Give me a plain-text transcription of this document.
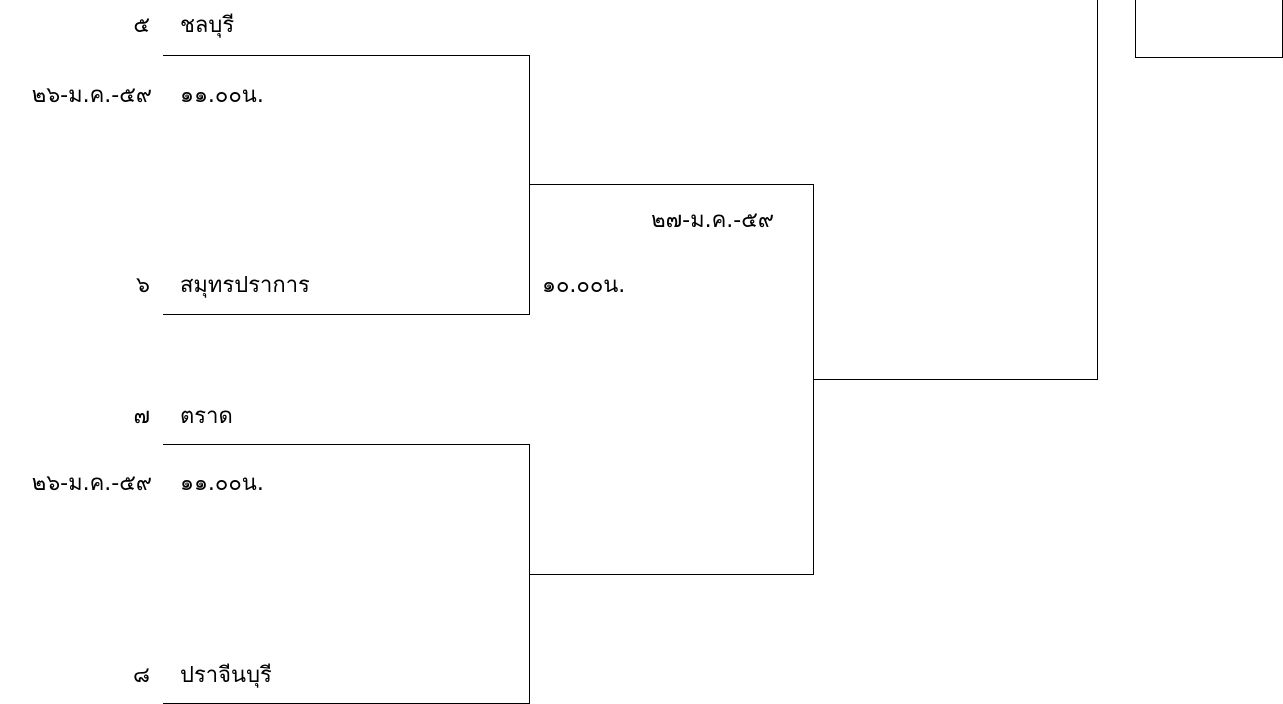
๕ ชลบุรี
๒๖-ม.ค.-๕๙ ๑๑.๐๐น.
๖ สมุทรปราการ
๒๗-ม.ค.-๕๙
๑๐.๐๐น.
๗ ตราด
๒๖-ม.ค.-๕๙ ๑๑.๐๐น.
๘ ปราจีนบุรี
